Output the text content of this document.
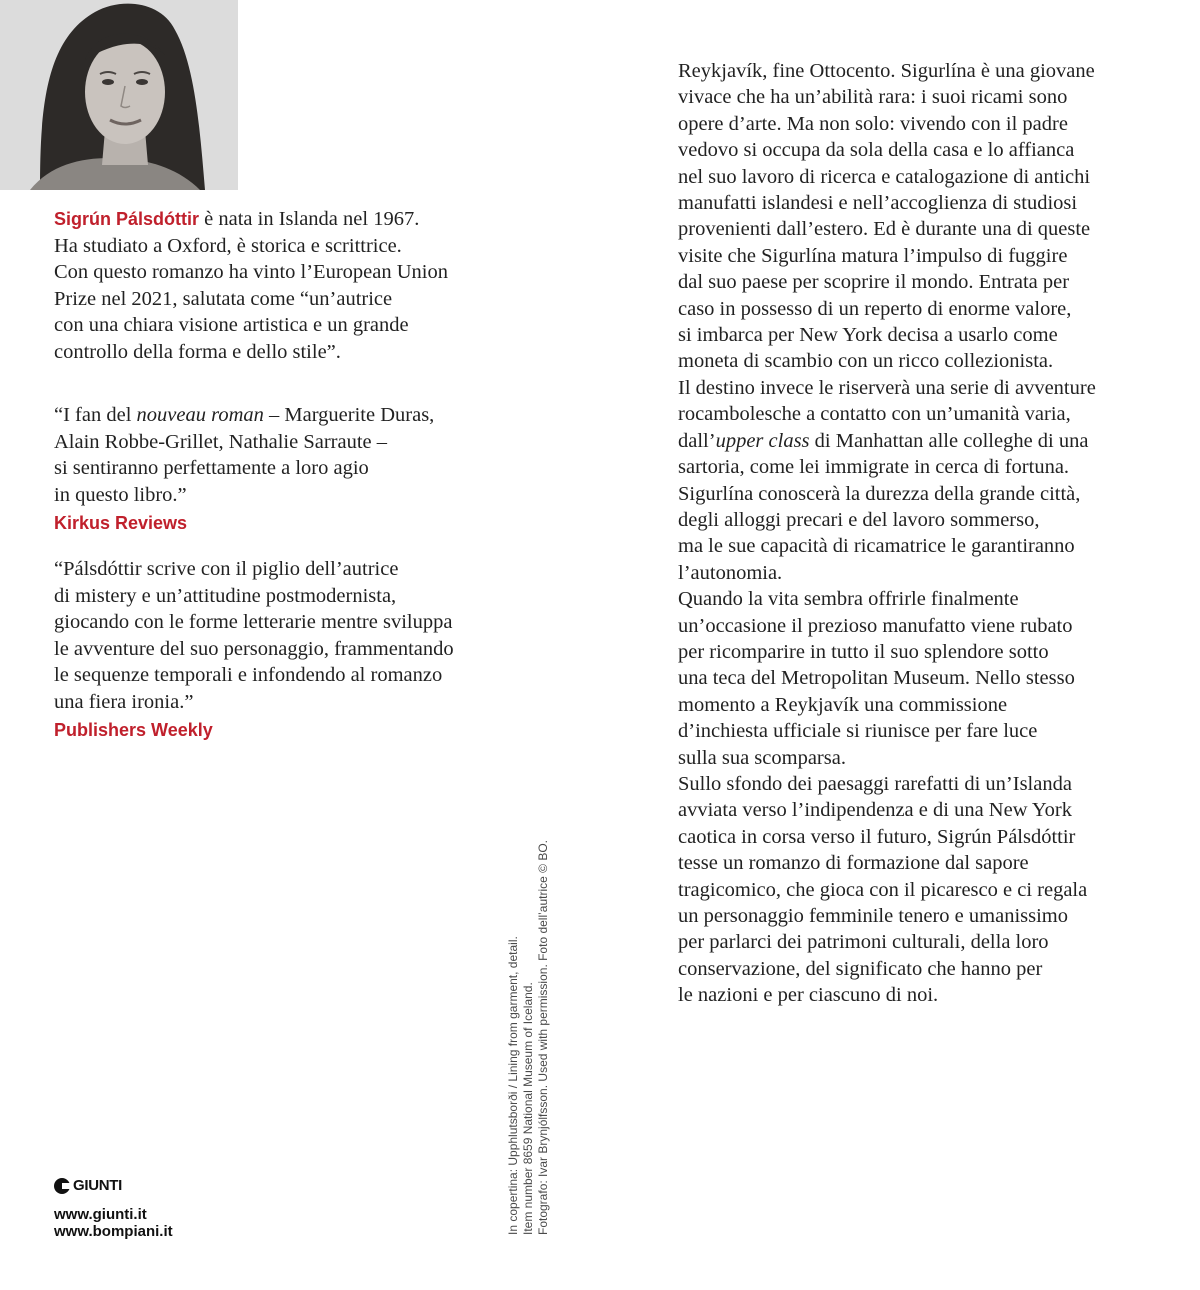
Sigrún Pálsdóttir è nata in Islanda nel 1967.
Ha studiato a Oxford, è storica e scrittrice.
Con questo romanzo ha vinto l’European Union
Prize nel 2021, salutata come “un’autrice
con una chiara visione artistica e un grande
controllo della forma e dello stile”.

“I fan del nouveau roman – Marguerite Duras,
Alain Robbe-Grillet, Nathalie Sarraute –
si sentiranno perfettamente a loro agio
in questo libro.”

Kirkus Reviews

“Pálsdóttir scrive con il piglio dell’autrice
di mistery e un’attitudine postmodernista,
giocando con le forme letterarie mentre sviluppa
le avventure del suo personaggio, frammentando
le sequenze temporali e infondendo al romanzo
una fiera ironia.”

Publishers Weekly

Reykjavík, fine Ottocento. Sigurlína è una giovane
vivace che ha un’abilità rara: i suoi ricami sono
opere d’arte. Ma non solo: vivendo con il padre
vedovo si occupa da sola della casa e lo affianca
nel suo lavoro di ricerca e catalogazione di antichi
manufatti islandesi e nell’accoglienza di studiosi
provenienti dall’estero. Ed è durante una di queste
visite che Sigurlína matura l’impulso di fuggire
dal suo paese per scoprire il mondo. Entrata per
caso in possesso di un reperto di enorme valore,
si imbarca per New York decisa a usarlo come
moneta di scambio con un ricco collezionista.
Il destino invece le riserverà una serie di avventure
rocambolesche a contatto con un’umanità varia,
dall’upper class di Manhattan alle colleghe di una
sartoria, come lei immigrate in cerca di fortuna.
Sigurlína conoscerà la durezza della grande città,
degli alloggi precari e del lavoro sommerso,
ma le sue capacità di ricamatrice le garantiranno
l’autonomia.
Quando la vita sembra offrirle finalmente
un’occasione il prezioso manufatto viene rubato
per ricomparire in tutto il suo splendore sotto
una teca del Metropolitan Museum. Nello stesso
momento a Reykjavík una commissione
d’inchiesta ufficiale si riunisce per fare luce
sulla sua scomparsa.
Sullo sfondo dei paesaggi rarefatti di un’Islanda
avviata verso l’indipendenza e di una New York
caotica in corsa verso il futuro, Sigrún Pálsdóttir
tesse un romanzo di formazione dal sapore
tragicomico, che gioca con il picaresco e ci regala
un personaggio femminile tenero e umanissimo
per parlarci dei patrimoni culturali, della loro
conservazione, del significato che hanno per
le nazioni e per ciascuno di noi.

In copertina: Upphlutsborði / Lining from garment, detail. Item number 8659 National Museum of Iceland. Fotografo: Ivar Brynjólfsson. Used with permission. Foto dell’autrice © BO.
GIUNTI
www.giunti.it
www.bompiani.it
